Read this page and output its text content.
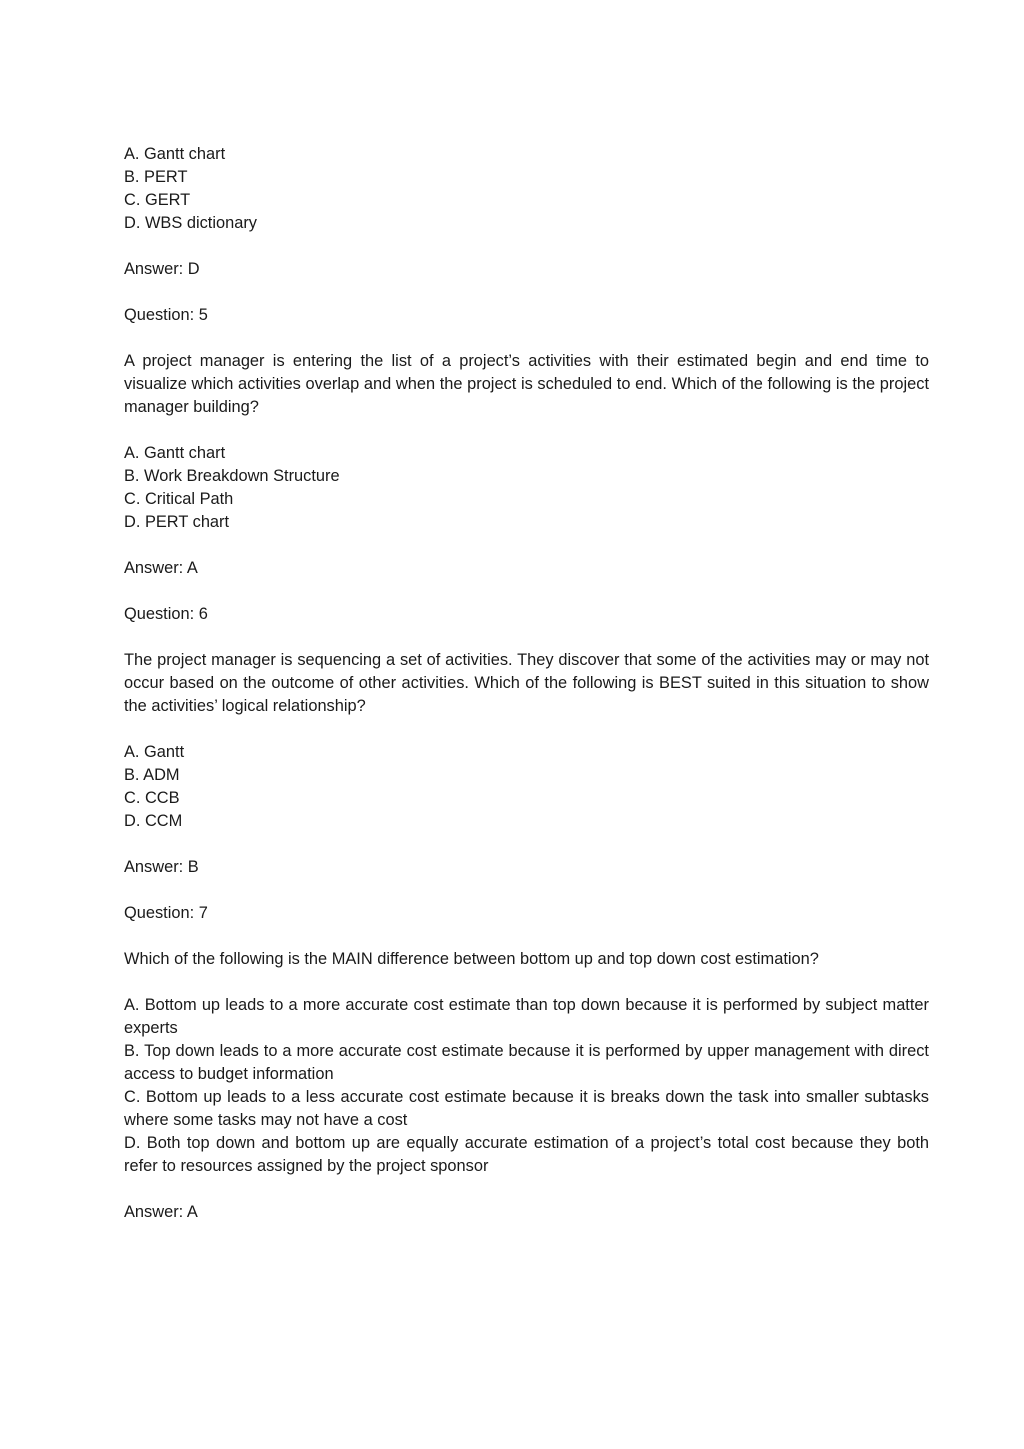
A. Gantt chart
B. PERT
C. GERT
D. WBS dictionary
Answer: D
Question: 5
A project manager is entering the list of a project’s activities with their estimated begin and end time to visualize which activities overlap and when the project is scheduled to end. Which of the following is the project manager building?
A. Gantt chart
B. Work Breakdown Structure
C. Critical Path
D. PERT chart
Answer: A
Question: 6
The project manager is sequencing a set of activities. They discover that some of the activities may or may not occur based on the outcome of other activities. Which of the following is BEST suited in this situation to show the activities’ logical relationship?
A. Gantt
B. ADM
C. CCB
D. CCM
Answer: B
Question: 7
Which of the following is the MAIN difference between bottom up and top down cost estimation?
A. Bottom up leads to a more accurate cost estimate than top down because it is performed by subject matter experts
B. Top down leads to a more accurate cost estimate because it is performed by upper management with direct access to budget information
C. Bottom up leads to a less accurate cost estimate because it is breaks down the task into smaller subtasks where some tasks may not have a cost
D. Both top down and bottom up are equally accurate estimation of a project’s total cost because they both refer to resources assigned by the project sponsor
Answer: A
